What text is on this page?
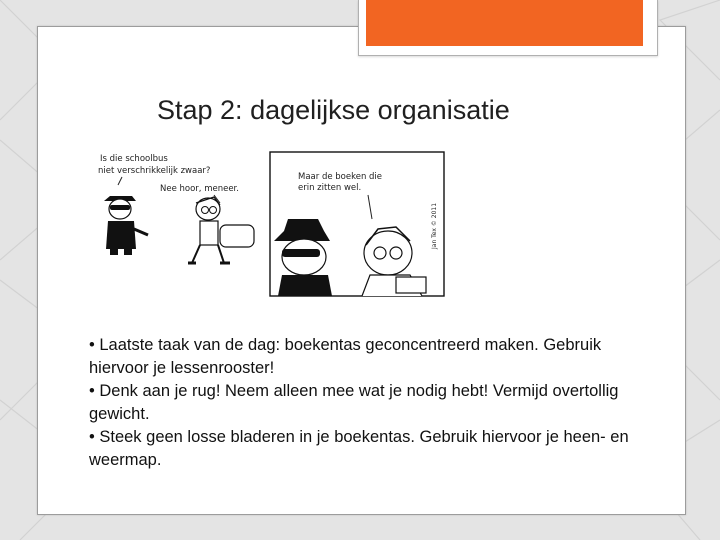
Stap 2: dagelijkse organisatie
Is die schoolbus
niet verschrikkelijk zwaar?
Nee hoor, meneer.
Maar de boeken die
erin zitten wel.
Jan Tex © 2011

• Laatste taak van de dag: boekentas geconcentreerd maken. Gebruik hiervoor je lessenrooster!

• Denk aan je rug! Neem alleen mee wat je nodig hebt! Vermijd overtollig gewicht.

• Steek geen losse bladeren in je boekentas. Gebruik hiervoor je heen- en weermap.
